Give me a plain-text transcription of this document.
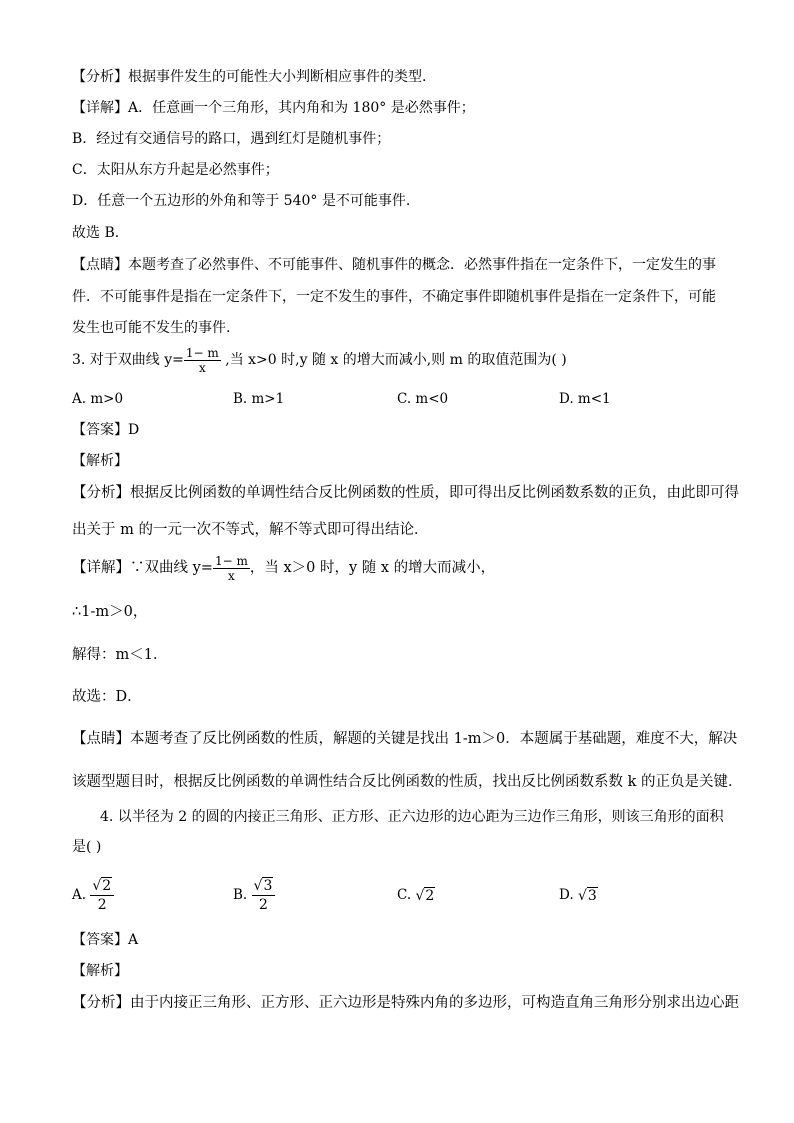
【分析】根据事件发生的可能性大小判断相应事件的类型.
【详解】A．任意画一个三角形，其内角和为 180° 是必然事件；
B．经过有交通信号的路口，遇到红灯是随机事件；
C．太阳从东方升起是必然事件；
D．任意一个五边形的外角和等于 540° 是不可能事件.
故选 B．
【点睛】本题考查了必然事件、不可能事件、随机事件的概念．必然事件指在一定条件下，一定发生的事
件．不可能事件是指在一定条件下，一定不发生的事件，不确定事件即随机事件是指在一定条件下，可能
发生也可能不发生的事件.
3. 对于双曲线 $y= \frac{1- m}{x}$ ,当 x>0 时,y 随 x 的增大而减小,则 m 的取值范围为( )
A. m>0	B. m>1	C. m<0	D. m<1
【答案】D
【解析】
【分析】根据反比例函数的单调性结合反比例函数的性质，即可得出反比例函数系数的正负，由此即可得
出关于 m 的一元一次不等式，解不等式即可得出结论．
【详解】∵双曲线 $y= \frac{1- m}{x}$ ，当 x＞0 时，y 随 x 的增大而减小，
∴1-m＞0，
解得：m＜1．
故选：D．
【点睛】本题考查了反比例函数的性质，解题的关键是找出 1-m＞0．本题属于基础题，难度不大，解决
该题型题目时，根据反比例函数的单调性结合反比例函数的性质，找出反比例函数系数 k 的正负是关键．
4. 以半径为 2 的圆的内接正三角形、正方形、正六边形的边心距为三边作三角形，则该三角形的面积
是( )
A. $\frac{√2}{2}$	B. $\frac{√3}{2}$	C. √2	D. √3
【答案】A
【解析】
【分析】由于内接正三角形、正方形、正六边形是特殊内角的多边形，可构造直角三角形分别求出边心距
